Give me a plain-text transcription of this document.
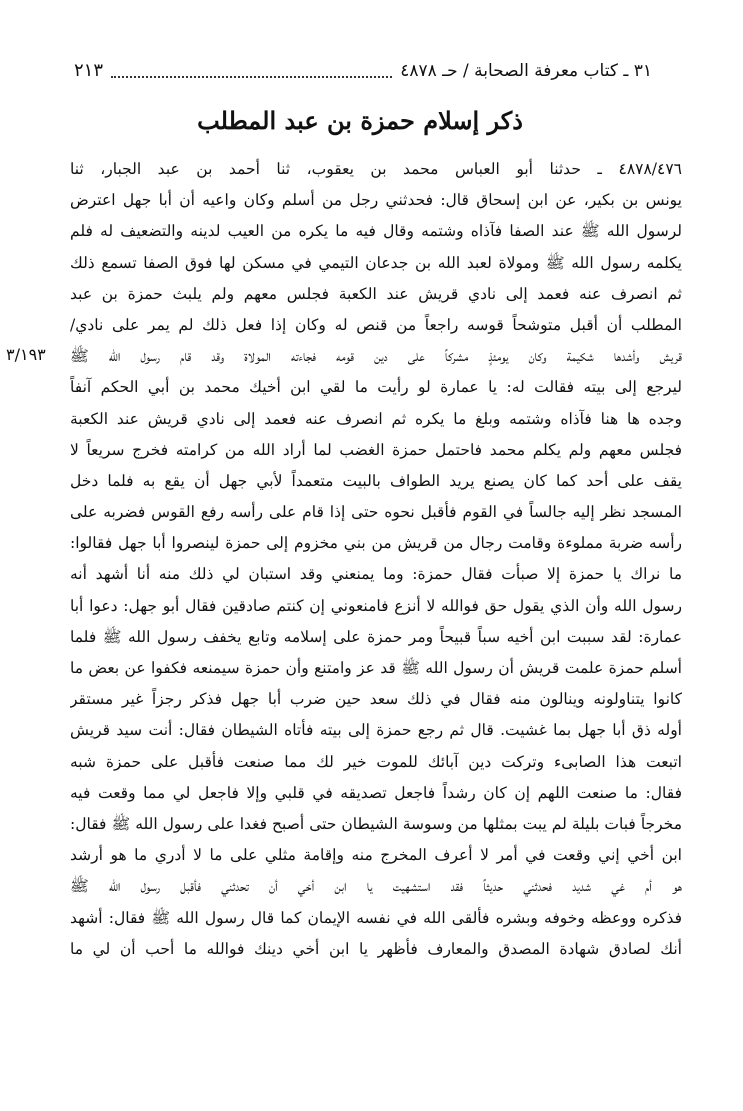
٣١ ـ كتاب معرفة الصحابة / حـ ٤٨٧٨
٢١٣
ذكر إسلام حمزة بن عبد المطلب
٣/١٩٣
٤٨٧٨/٤٧٦ ـ حدثنا أبو العباس محمد بن يعقوب، ثنا أحمد بن عبد الجبار، ثنا
يونس بن بكير، عن ابن إسحاق قال: فحدثني رجل من أسلم وكان واعيه أن أبا جهل اعترض
لرسول الله ﷺ عند الصفا فآذاه وشتمه وقال فيه ما يكره من العيب لدينه والتضعيف له فلم
يكلمه رسول الله ﷺ ومولاة لعبد الله بن جدعان التيمي في مسكن لها فوق الصفا تسمع ذلك
ثم انصرف عنه فعمد إلى نادي قريش عند الكعبة فجلس معهم ولم يلبث حمزة بن عبد
المطلب أن أقبل متوشحاً قوسه راجعاً من قنص له وكان إذا فعل ذلك لم يمر على نادي/
قريش وأشدها شكيمة وكان يومئذٍ مشركاً على دين قومه فجاءته المولاة وقد قام رسول الله ﷺ
ليرجع إلى بيته فقالت له: يا عمارة لو رأيت ما لقي ابن أخيك محمد بن أبي الحكم آنفاً
وجده ها هنا فآذاه وشتمه وبلغ ما يكره ثم انصرف عنه فعمد إلى نادي قريش عند الكعبة
فجلس معهم ولم يكلم محمد فاحتمل حمزة الغضب لما أراد الله من كرامته فخرج سريعاً لا
يقف على أحد كما كان يصنع يريد الطواف بالبيت متعمداً لأبي جهل أن يقع به فلما دخل
المسجد نظر إليه جالساً في القوم فأقبل نحوه حتى إذا قام على رأسه رفع القوس فضربه على
رأسه ضربة مملوءة وقامت رجال من قريش من بني مخزوم إلى حمزة لينصروا أبا جهل فقالوا:
ما نراك يا حمزة إلا صبأت فقال حمزة: وما يمنعني وقد استبان لي ذلك منه أنا أشهد أنه
رسول الله وأن الذي يقول حق فوالله لا أنزع فامنعوني إن كنتم صادقين فقال أبو جهل: دعوا أبا
عمارة: لقد سببت ابن أخيه سباً قبيحاً ومر حمزة على إسلامه وتابع يخفف رسول الله ﷺ فلما
أسلم حمزة علمت قريش أن رسول الله ﷺ قد عز وامتنع وأن حمزة سيمنعه فكفوا عن بعض ما
كانوا يتناولونه وينالون منه فقال في ذلك سعد حين ضرب أبا جهل فذكر رجزاً غير مستقر
أوله ذق أبا جهل بما غشيت. قال ثم رجع حمزة إلى بيته فأتاه الشيطان فقال: أنت سيد قريش
اتبعت هذا الصابىء وتركت دين آبائك للموت خير لك مما صنعت فأقبل على حمزة شبه
فقال: ما صنعت اللهم إن كان رشداً فاجعل تصديقه في قلبي وإلا فاجعل لي مما وقعت فيه
مخرجاً فبات بليلة لم يبت بمثلها من وسوسة الشيطان حتى أصبح فغدا على رسول الله ﷺ فقال:
ابن أخي إني وقعت في أمر لا أعرف المخرج منه وإقامة مثلي على ما لا أدري ما هو أرشد
هو أم غي شديد فحدثني حديثاً فقد استشهيت يا ابن أخي أن تحدثني فأقبل رسول الله ﷺ
فذكره ووعظه وخوفه وبشره فألقى الله في نفسه الإيمان كما قال رسول الله ﷺ فقال: أشهد
أنك لصادق شهادة المصدق والمعارف فأظهر يا ابن أخي دينك فوالله ما أحب أن لي ما
